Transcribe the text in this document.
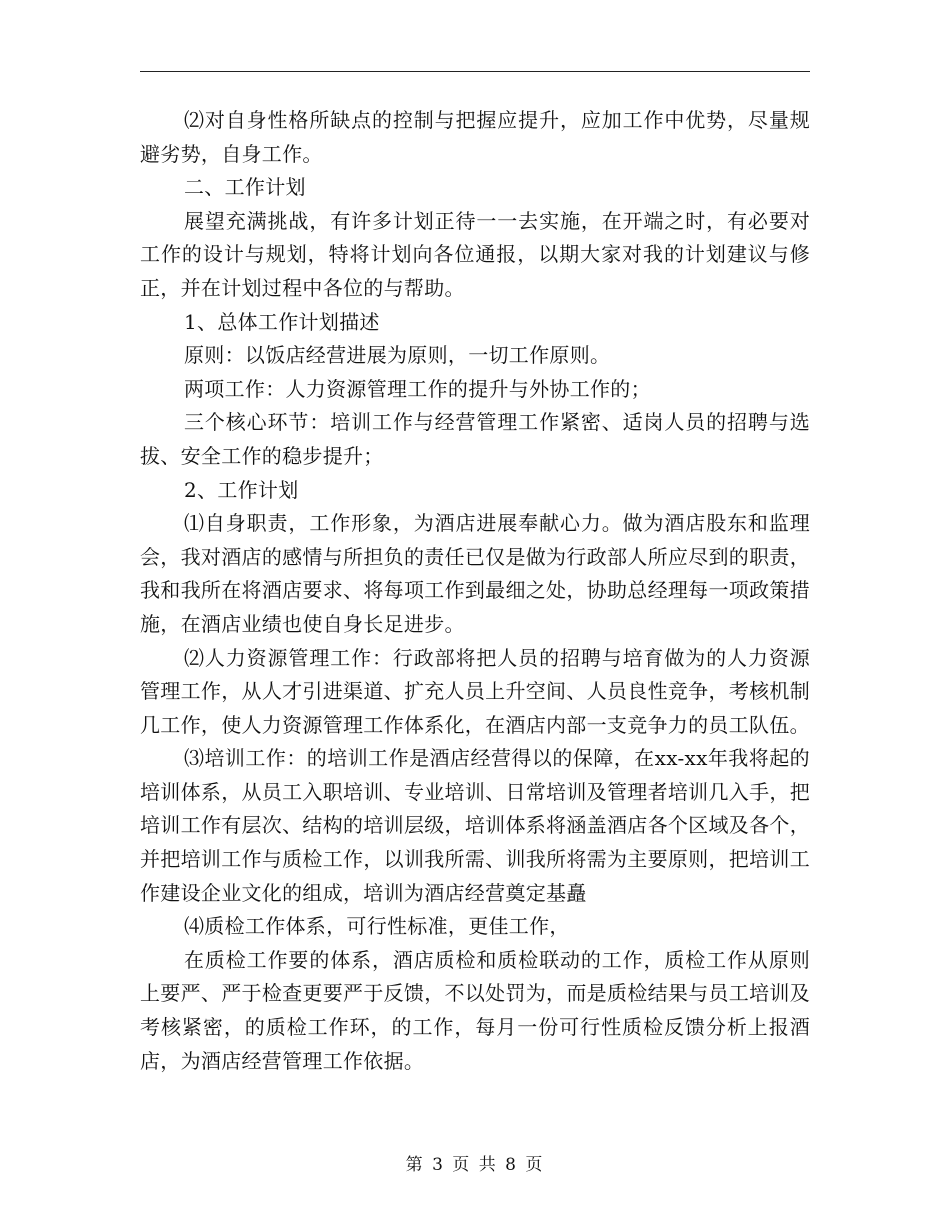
⑵对自身性格所缺点的控制与把握应提升，应加工作中优势，尽量规避劣势，自身工作。

二、工作计划

展望充满挑战，有许多计划正待一一去实施，在开端之时，有必要对工作的设计与规划，特将计划向各位通报，以期大家对我的计划建议与修正，并在计划过程中各位的与帮助。

1、总体工作计划描述

原则：以饭店经营进展为原则，一切工作原则。

两项工作：人力资源管理工作的提升与外协工作的；

三个核心环节：培训工作与经营管理工作紧密、适岗人员的招聘与选拔、安全工作的稳步提升；

2、工作计划

⑴自身职责，工作形象，为酒店进展奉献心力。做为酒店股东和监理会，我对酒店的感情与所担负的责任已仅是做为行政部人所应尽到的职责，我和我所在将酒店要求、将每项工作到最细之处，协助总经理每一项政策措施，在酒店业绩也使自身长足进步。

⑵人力资源管理工作：行政部将把人员的招聘与培育做为的人力资源管理工作，从人才引进渠道、扩充人员上升空间、人员良性竞争，考核机制几工作，使人力资源管理工作体系化，在酒店内部一支竞争力的员工队伍。

⑶培训工作：的培训工作是酒店经营得以的保障，在xx-xx年我将起的培训体系，从员工入职培训、专业培训、日常培训及管理者培训几入手，把培训工作有层次、结构的培训层级，培训体系将涵盖酒店各个区域及各个，并把培训工作与质检工作，以训我所需、训我所将需为主要原则，把培训工作建设企业文化的组成，培训为酒店经营奠定基矗

⑷质检工作体系，可行性标准，更佳工作，

在质检工作要的体系，酒店质检和质检联动的工作，质检工作从原则上要严、严于检查更要严于反馈，不以处罚为，而是质检结果与员工培训及考核紧密，的质检工作环，的工作，每月一份可行性质检反馈分析上报酒店，为酒店经营管理工作依据。

第 3 页 共 8 页
